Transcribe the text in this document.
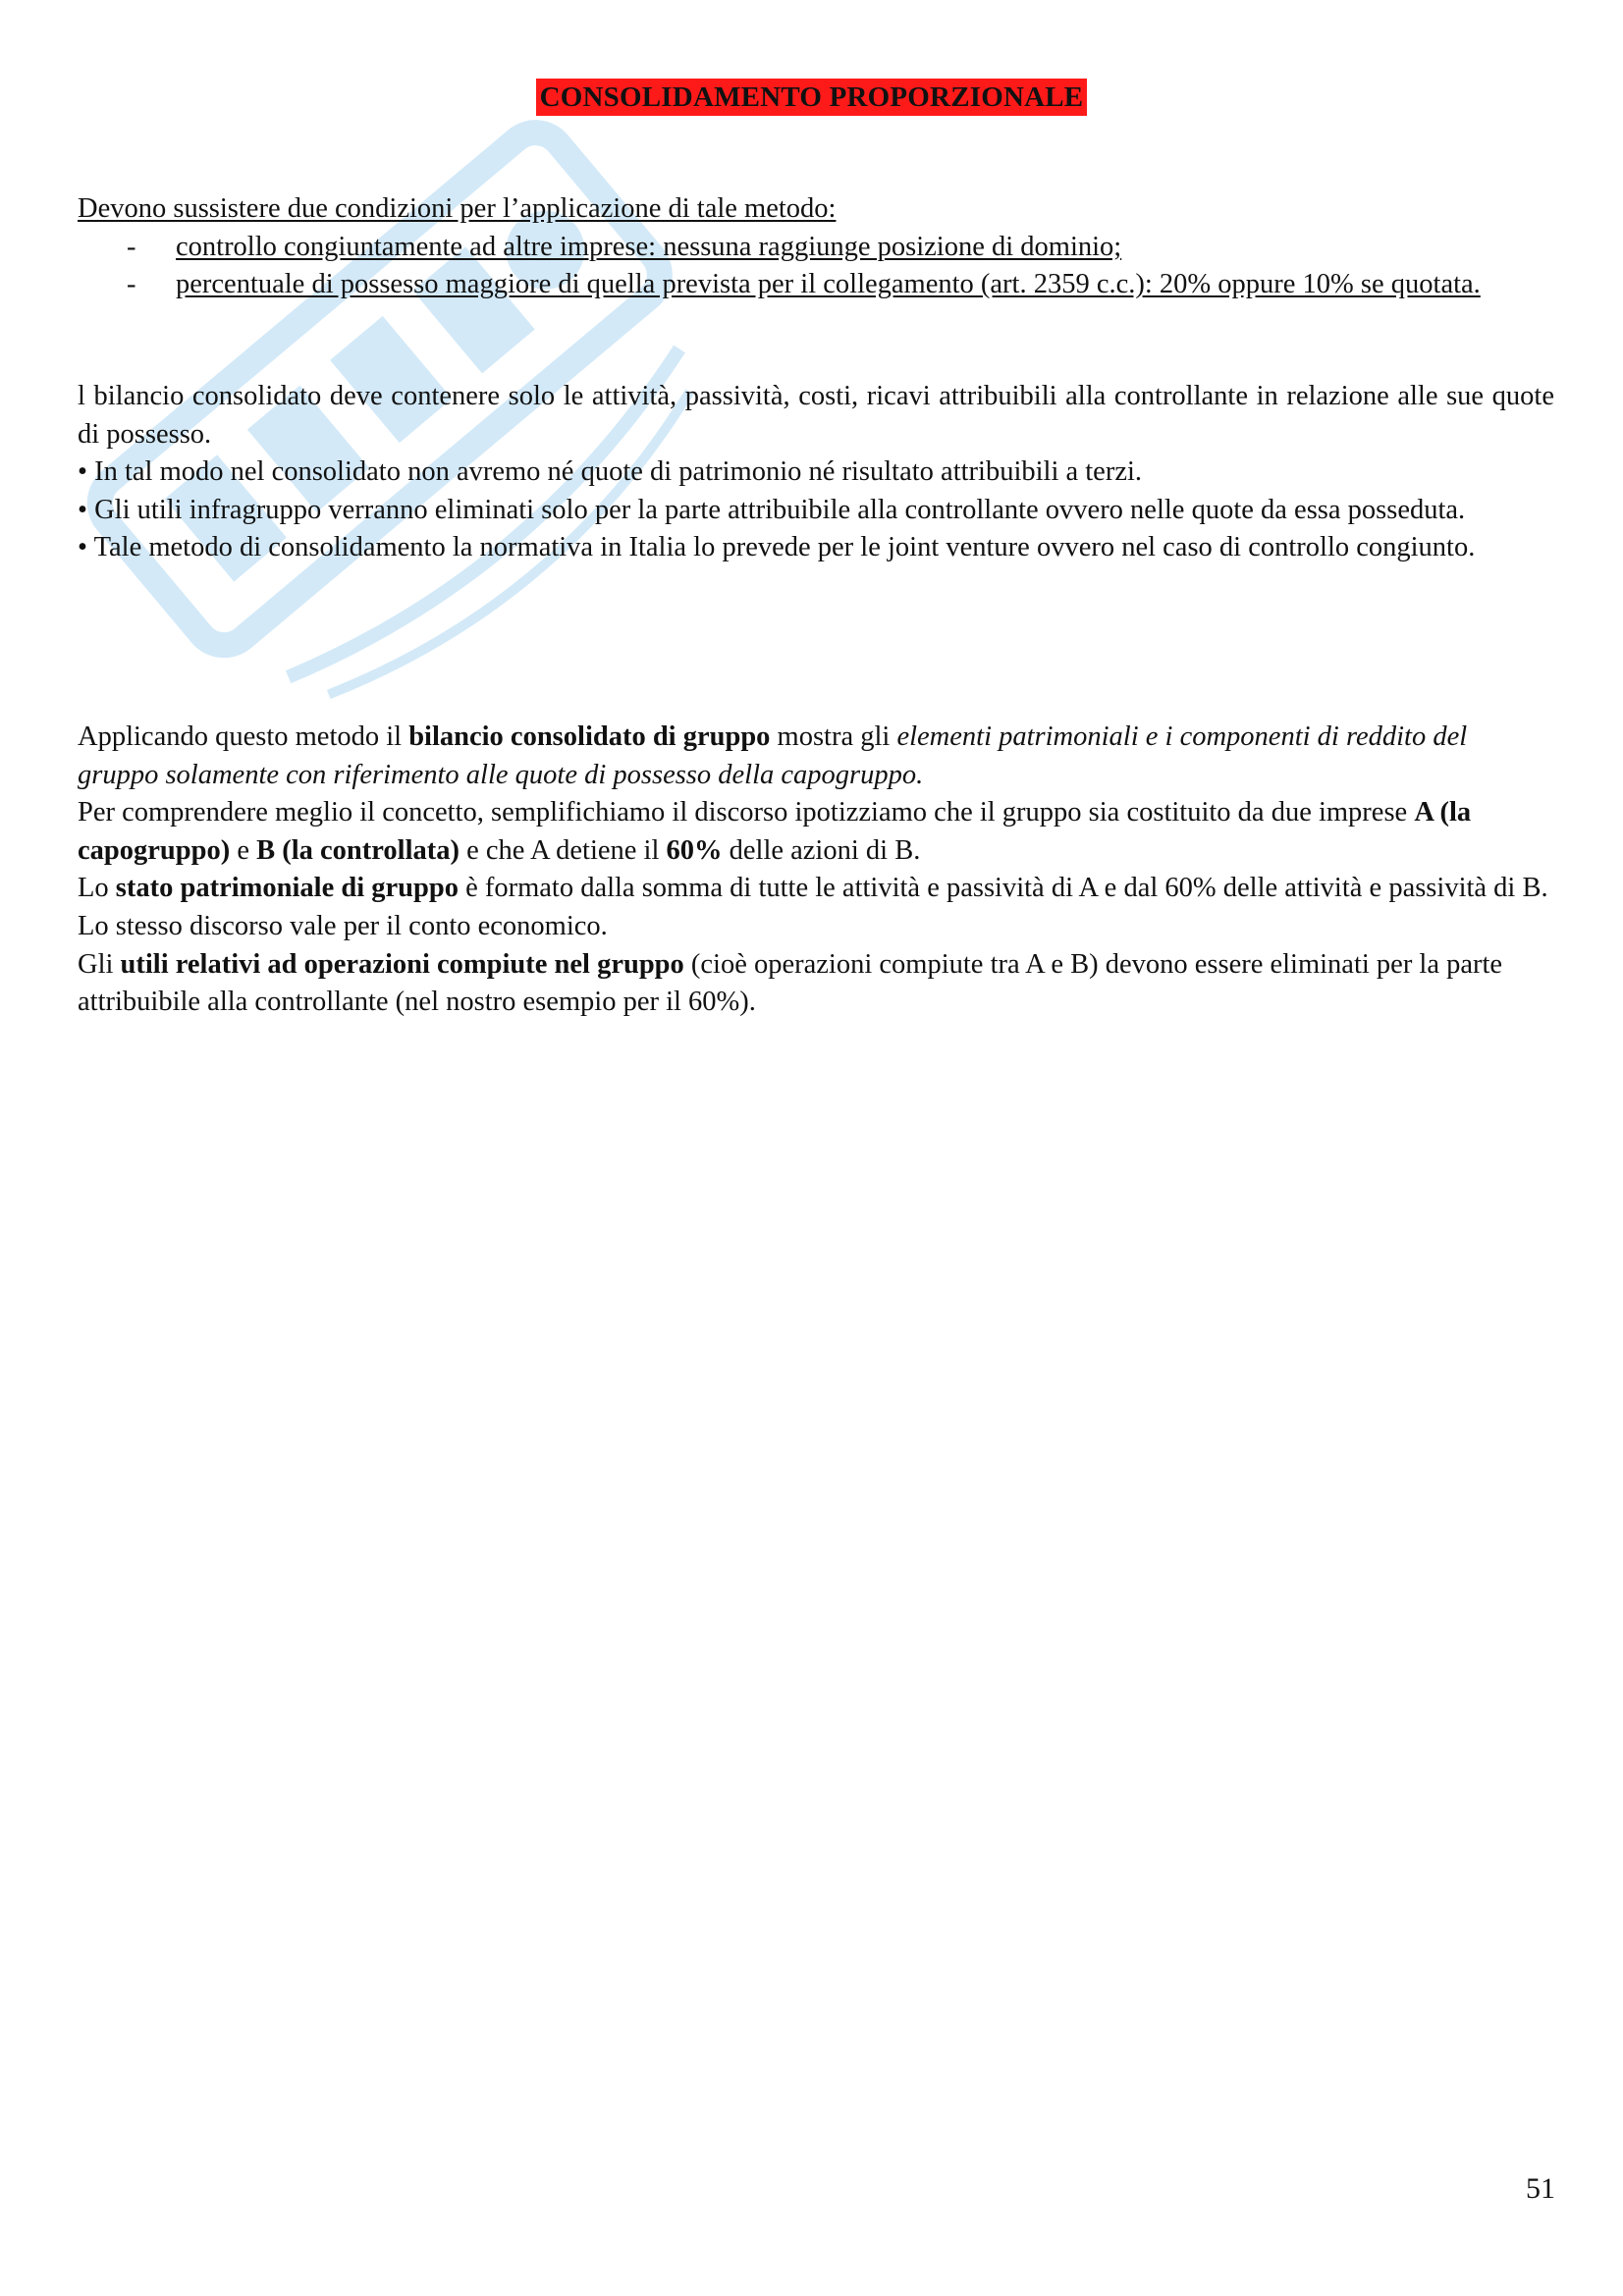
CONSOLIDAMENTO PROPORZIONALE

Devono sussistere due condizioni per l’applicazione di tale metodo:

- controllo congiuntamente ad altre imprese: nessuna raggiunge posizione di dominio;
- percentuale di possesso maggiore di quella prevista per il collegamento (art. 2359 c.c.): 20% oppure 10% se quotata.

l bilancio consolidato deve contenere solo le attività, passività, costi, ricavi attribuibili alla controllante in relazione alle sue quote di possesso.

• In tal modo nel consolidato non avremo né quote di patrimonio né risultato attribuibili a terzi.

• Gli utili infragruppo verranno eliminati solo per la parte attribuibile alla controllante ovvero nelle quote da essa posseduta.

• Tale metodo di consolidamento la normativa in Italia lo prevede per le joint venture ovvero nel caso di controllo congiunto.

Applicando questo metodo il bilancio consolidato di gruppo mostra gli elementi patrimoniali e i componenti di reddito del gruppo solamente con riferimento alle quote di possesso della capogruppo.

Per comprendere meglio il concetto, semplifichiamo il discorso ipotizziamo che il gruppo sia costituito da due imprese A (la capogruppo) e B (la controllata) e che A detiene il 60% delle azioni di B.

Lo stato patrimoniale di gruppo è formato dalla somma di tutte le attività e passività di A e dal 60% delle attività e passività di B.

Lo stesso discorso vale per il conto economico.

Gli utili relativi ad operazioni compiute nel gruppo (cioè operazioni compiute tra A e B) devono essere eliminati per la parte attribuibile alla controllante (nel nostro esempio per il 60%).

51
